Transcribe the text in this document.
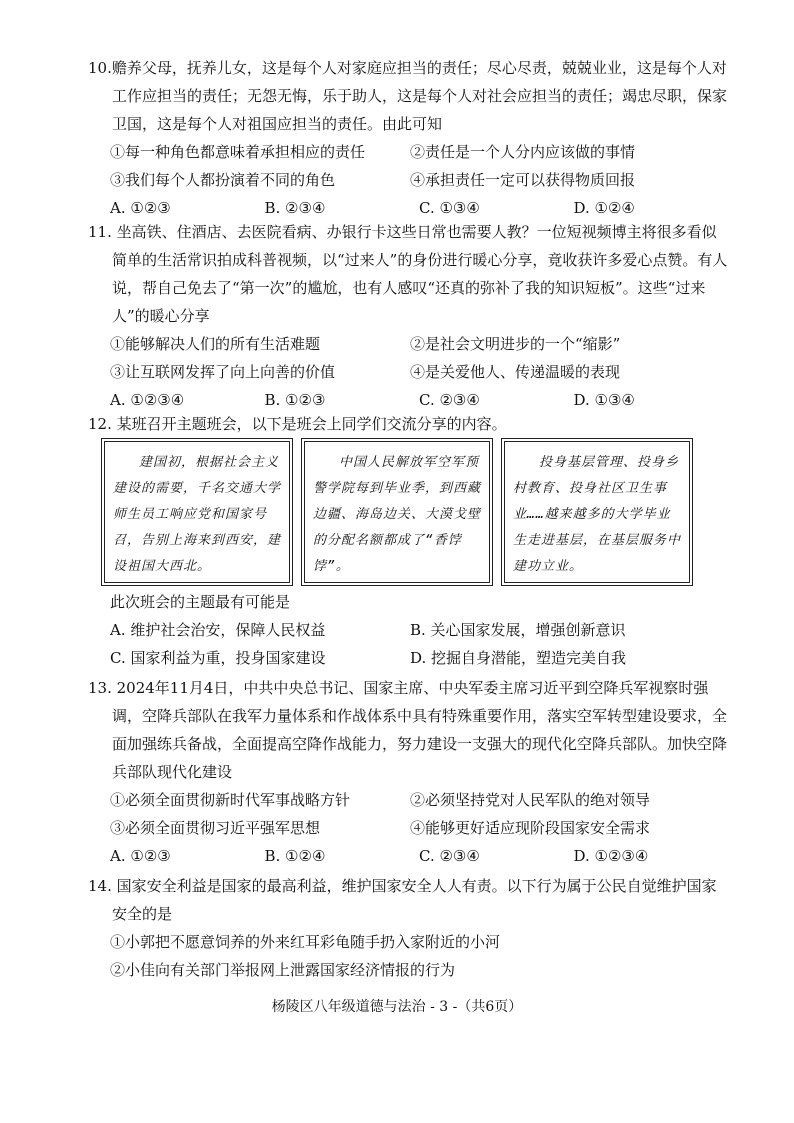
10.赡养父母，抚养儿女，这是每个人对家庭应担当的责任；尽心尽责，兢兢业业，这是每个人对工作应担当的责任；无怨无悔，乐于助人，这是每个人对社会应担当的责任；竭忠尽职，保家卫国，这是每个人对祖国应担当的责任。由此可知
①每一种角色都意味着承担相应的责任	②责任是一个人分内应该做的事情
③我们每个人都扮演着不同的角色	④承担责任一定可以获得物质回报
A. ①②③	B. ②③④	C. ①③④	D. ①②④
11. 坐高铁、住酒店、去医院看病、办银行卡这些日常也需要人教？一位短视频博主将很多看似简单的生活常识拍成科普视频，以“过来人”的身份进行暖心分享，竟收获许多爱心点赞。有人说，帮自己免去了“第一次”的尴尬，也有人感叹“还真的弥补了我的知识短板”。这些“过来人”的暖心分享
①能够解决人们的所有生活难题	②是社会文明进步的一个“缩影”
③让互联网发挥了向上向善的价值	④是关爱他人、传递温暖的表现
A. ①②③④	B. ①②③	C. ②③④	D. ①③④
12. 某班召开主题班会，以下是班会上同学们交流分享的内容。
建国初，根据社会主义建设的需要，千名交通大学师生员工响应党和国家号召，告别上海来到西安，建设祖国大西北。
中国人民解放军空军预警学院每到毕业季，到西藏边疆、海岛边关、大漠戈壁的分配名额都成了“香饽饽”。
投身基层管理、投身乡村教育、投身社区卫生事业……越来越多的大学毕业生走进基层，在基层服务中建功立业。
此次班会的主题最有可能是
A. 维护社会治安，保障人民权益	B. 关心国家发展，增强创新意识
C. 国家利益为重，投身国家建设	D. 挖掘自身潜能，塑造完美自我
13. 2024年11月4日，中共中央总书记、国家主席、中央军委主席习近平到空降兵军视察时强调，空降兵部队在我军力量体系和作战体系中具有特殊重要作用，落实空军转型建设要求，全面加强练兵备战，全面提高空降作战能力，努力建设一支强大的现代化空降兵部队。加快空降兵部队现代化建设
①必须全面贯彻新时代军事战略方针	②必须坚持党对人民军队的绝对领导
③必须全面贯彻习近平强军思想	④能够更好适应现阶段国家安全需求
A. ①②③	B. ①②④	C. ②③④	D. ①②③④
14. 国家安全利益是国家的最高利益，维护国家安全人人有责。以下行为属于公民自觉维护国家安全的是
①小郭把不愿意饲养的外来红耳彩龟随手扔入家附近的小河
②小佳向有关部门举报网上泄露国家经济情报的行为
杨陵区八年级道德与法治 - 3 -（共6页）
